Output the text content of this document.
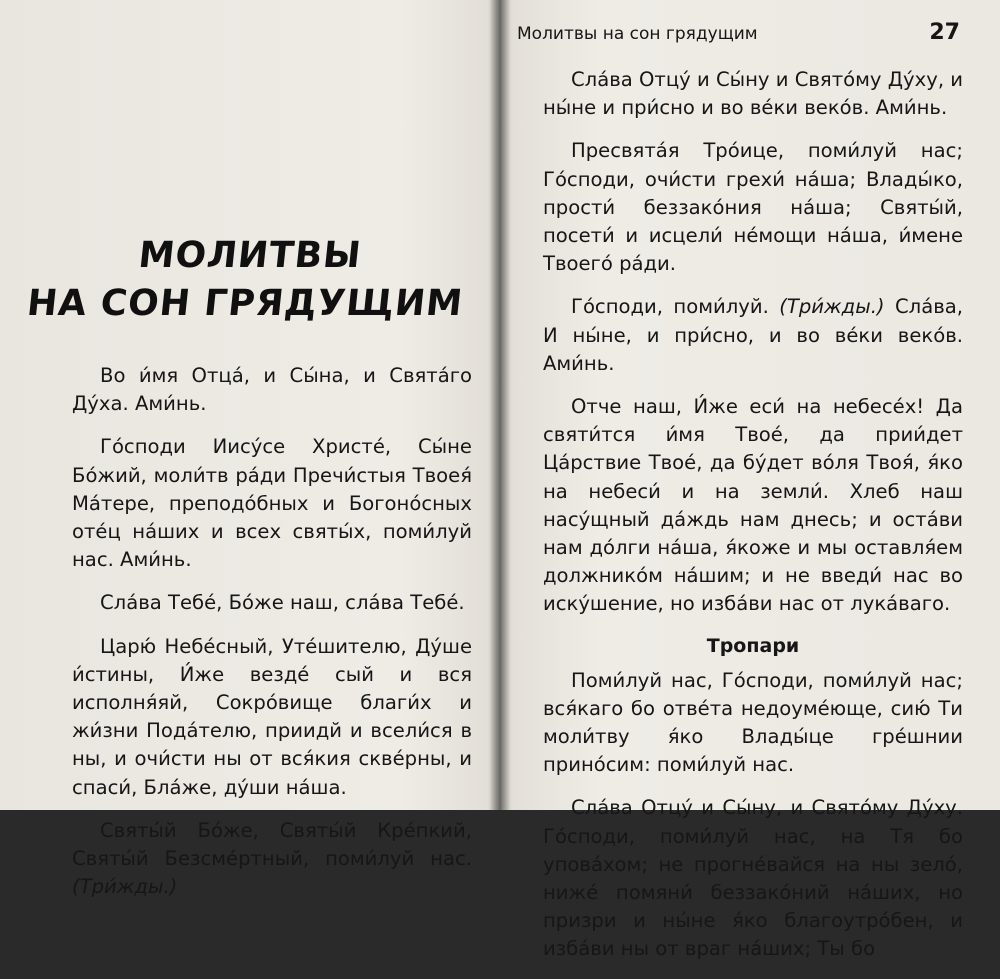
МОЛИТВЫ
НА СОН ГРЯДУЩИМ

Во и́мя Отца́, и Сы́на, и Свята́го Ду́ха. Ами́нь.

Го́споди Иису́се Христе́, Сы́не Бо́жий, моли́тв ра́ди Пречи́стыя Твоея́ Ма́тере, преподо́бных и Богоно́сных оте́ц на́ших и всех святы́х, поми́луй нас. Ами́нь.

Сла́ва Тебе́, Бо́же наш, сла́ва Тебе́.

Царю́ Небе́сный, Уте́шителю, Ду́ше и́стины, И́же везде́ сый и вся исполня́яй, Сокро́вище благи́х и жи́зни Пода́телю, приидй и всели́ся в ны, и очи́сти ны от вся́кия скве́рны, и спаси́, Бла́же, ду́ши на́ша.

Святы́й Бо́же, Святы́й Кре́пкий, Святы́й Безсме́ртный, поми́луй нас. (Три́жды.)

Молитвы на сон грядущим	27

Сла́ва Отцу́ и Сы́ну и Свято́му Ду́ху, и ны́не и при́сно и во ве́ки веко́в. Ами́нь.

Пресвята́я Тро́ице, поми́луй нас; Го́споди, очи́сти грехи́ на́ша; Влады́ко, прости́ беззако́ния на́ша; Святы́й, посети́ и исцели́ не́мощи на́ша, и́мене Твоего́ ра́ди.

Го́споди, поми́луй. (Три́жды.) Сла́ва, И ны́не, и при́сно, и во ве́ки веко́в. Ами́нь.

Отче наш, И́же еси́ на небесе́х! Да святи́тся и́мя Твое́, да прии́дет Ца́рствие Твое́, да бу́дет во́ля Твоя́, я́ко на небеси́ и на земли́. Хлеб наш насу́щный да́ждь нам днесь; и оста́ви нам до́лги на́ша, я́коже и мы оставля́ем должнико́м на́шим; и не введи́ нас во иску́шение, но изба́ви нас от лука́ваго.

Тропари

Поми́луй нас, Го́споди, поми́луй нас; вся́каго бо отве́та недоуме́юще, сию́ Ти моли́тву я́ко Влады́це гре́шнии прино́сим: поми́луй нас.

Сла́ва Отцу́ и Сы́ну, и Свято́му Ду́ху. Го́споди, поми́луй нас, на Тя бо упова́хом; не прогне́вайся на ны зело́, ниже́ помяни́ беззако́ний на́ших, но призри и ны́не я́ко благоутро́бен, и изба́ви ны от враг на́ших; Ты бо
